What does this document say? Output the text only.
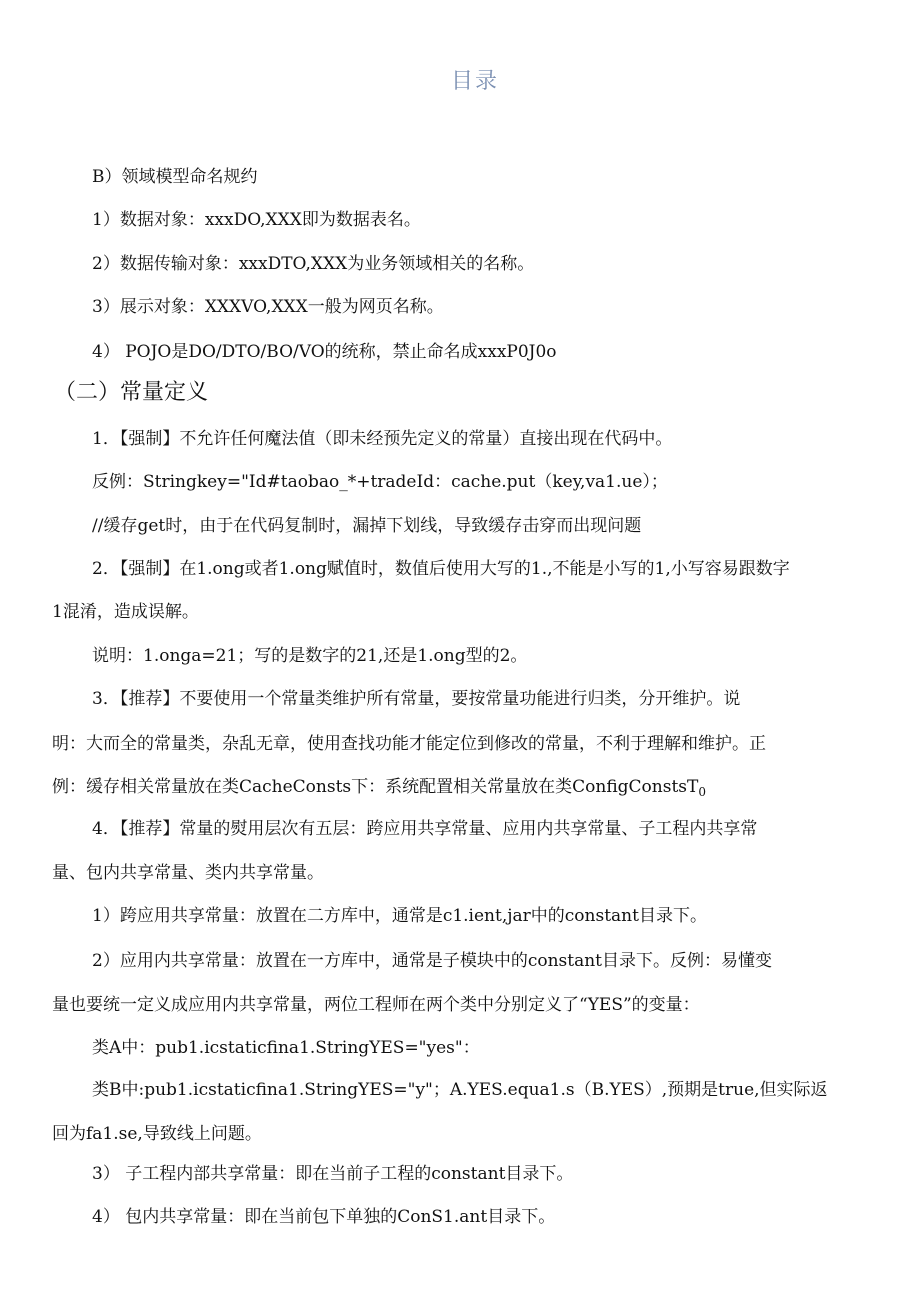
目录
B）领域模型命名规约
1）数据对象：xxxDO,XXX即为数据表名。
2）数据传输对象：xxxDTO,XXX为业务领域相关的名称。
3）展示对象：XXXVO,XXX一般为网页名称。
4） POJO是DO/DTO/BO/VO的统称，禁止命名成xxxP0J0o
（二）常量定义
1．【强制】不允许任何魔法值（即未经预先定义的常量）直接出现在代码中。
反例：Stringkey="Id#taobao_*+tradeId：cache.put（key,va1.ue）；
//缓存get时，由于在代码复制时，漏掉下划线，导致缓存击穿而出现问题
2．【强制】在1.ong或者1.ong赋值时，数值后使用大写的1.,不能是小写的1,小写容易跟数字
1混淆，造成误解。
说明：1.onga=21；写的是数字的21,还是1.ong型的2。
3．【推荐】不要使用一个常量类维护所有常量，要按常量功能进行归类，分开维护。说
明：大而全的常量类，杂乱无章，使用查找功能才能定位到修改的常量，不利于理解和维护。正
例：缓存相关常量放在类CacheConsts下：系统配置相关常量放在类ConfigConstsT$_0$
4．【推荐】常量的熨用层次有五层：跨应用共享常量、应用内共享常量、子工程内共享常
量、包内共享常量、类内共享常量。
1）跨应用共享常量：放置在二方库中，通常是c1.ient,jar中的constant目录下。
2）应用内共享常量：放置在一方库中，通常是子模块中的constant目录下。反例：易懂变
量也要统一定义成应用内共享常量，两位工程师在两个类中分别定义了“YES”的变量：
类A中：pub1.icstaticfina1.StringYES="yes"：
类B中:pub1.icstaticfina1.StringYES="y"；A.YES.equa1.s（B.YES）,预期是true,但实际返
回为fa1.se,导致线上问题。
3） 子工程内部共享常量：即在当前子工程的constant目录下。
4） 包内共享常量：即在当前包下单独的ConS1.ant目录下。
